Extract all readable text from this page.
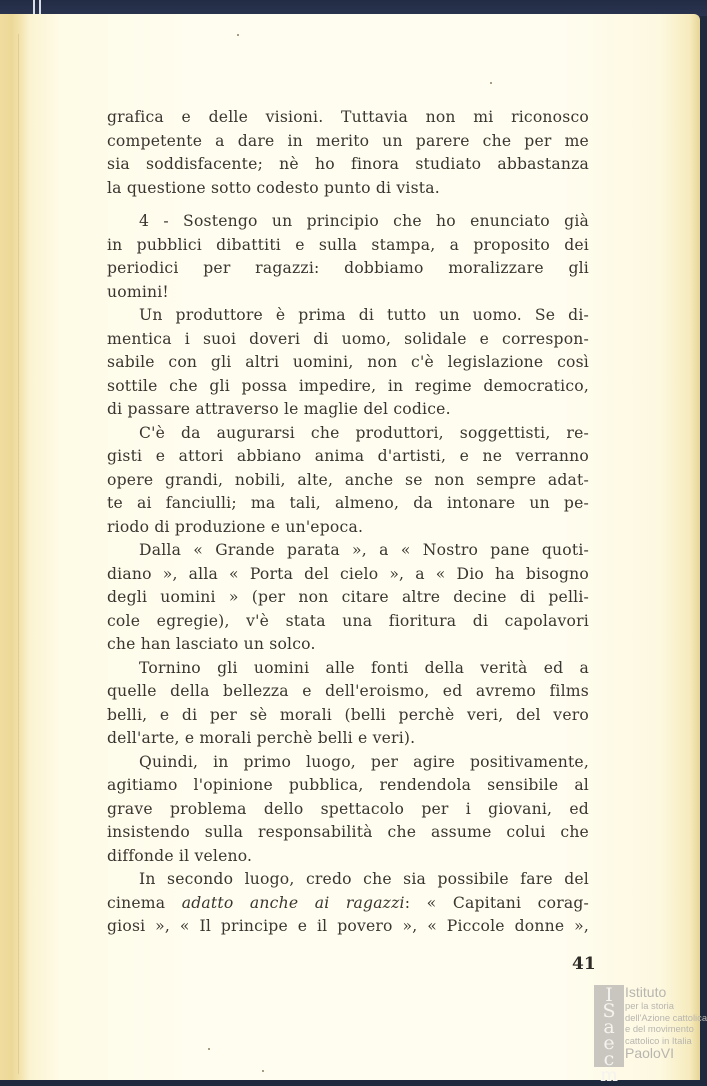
grafica e delle visioni. Tuttavia non mi riconosco
competente a dare in merito un parere che per me
sia soddisfacente; nè ho finora studiato abbastanza
la questione sotto codesto punto di vista.
4 - Sostengo un principio che ho enunciato già
in pubblici dibattiti e sulla stampa, a proposito dei
periodici per ragazzi: dobbiamo moralizzare gli
uomini!
Un produttore è prima di tutto un uomo. Se di-
mentica i suoi doveri di uomo, solidale e correspon-
sabile con gli altri uomini, non c'è legislazione così
sottile che gli possa impedire, in regime democratico,
di passare attraverso le maglie del codice.
C'è da augurarsi che produttori, soggettisti, re-
gisti e attori abbiano anima d'artisti, e ne verranno
opere grandi, nobili, alte, anche se non sempre adat-
te ai fanciulli; ma tali, almeno, da intonare un pe-
riodo di produzione e un'epoca.
Dalla « Grande parata », a « Nostro pane quoti-
diano », alla « Porta del cielo », a « Dio ha bisogno
degli uomini » (per non citare altre decine di pelli-
cole egregie), v'è stata una fioritura di capolavori
che han lasciato un solco.
Tornino gli uomini alle fonti della verità ed a
quelle della bellezza e dell'eroismo, ed avremo films
belli, e di per sè morali (belli perchè veri, del vero
dell'arte, e morali perchè belli e veri).
Quindi, in primo luogo, per agire positivamente,
agitiamo l'opinione pubblica, rendendola sensibile al
grave problema dello spettacolo per i giovani, ed
insistendo sulla responsabilità che assume colui che
diffonde il veleno.
In secondo luogo, credo che sia possibile fare del
cinema adatto anche ai ragazzi: « Capitani corag-
giosi », « Il principe e il povero », « Piccole donne »,
41
I
S
a
e
c
m
Istituto
per la storia
dell'Azione cattolica
e del movimento
cattolico in Italia
PaoloVI
